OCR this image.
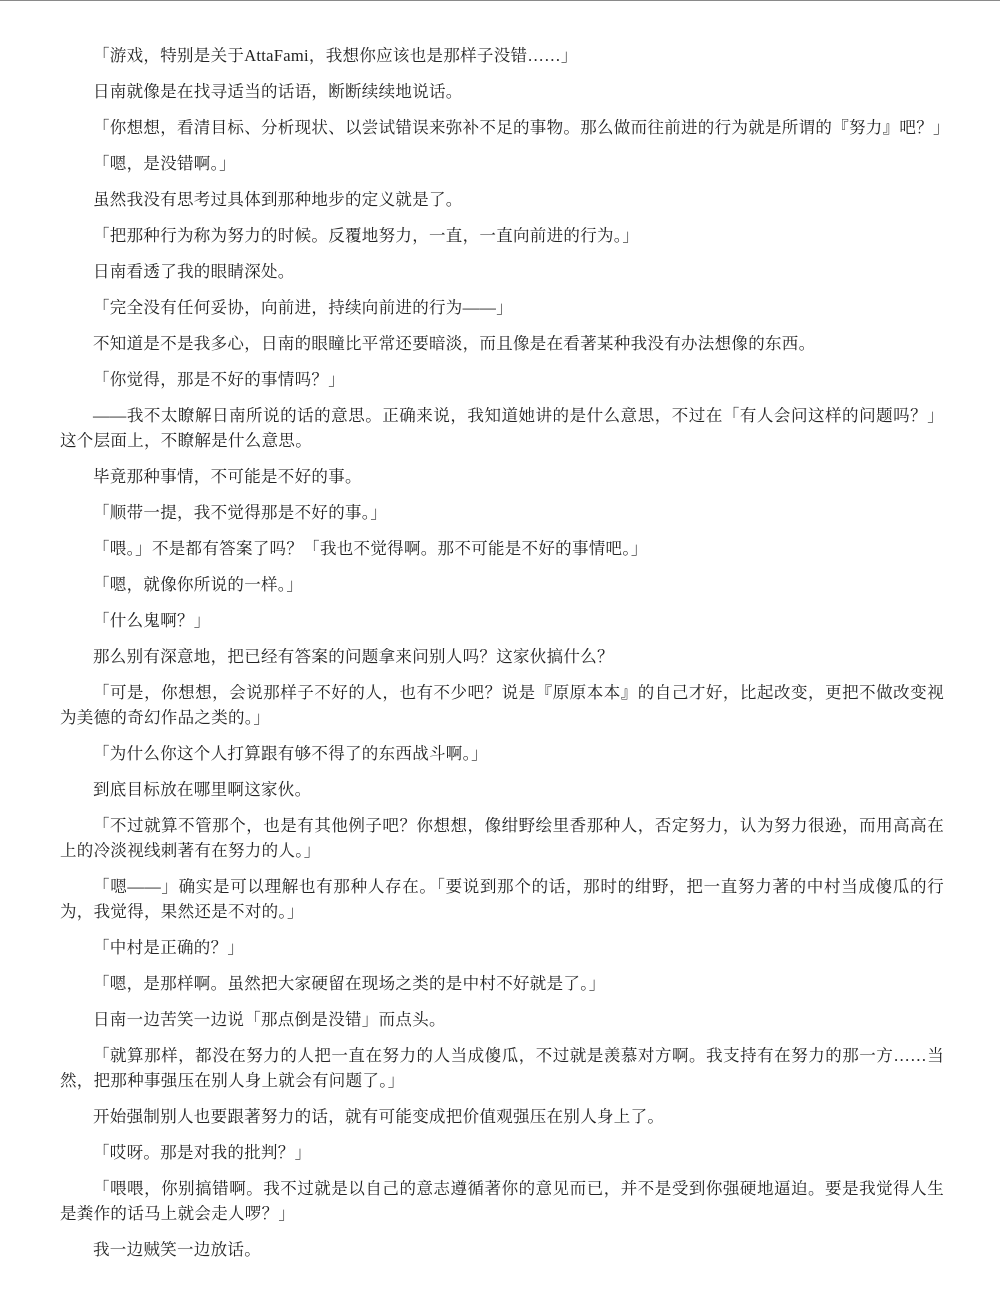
「游戏，特别是关于AttaFami，我想你应该也是那样子没错……」

日南就像是在找寻适当的话语，断断续续地说话。

「你想想，看清目标、分析现状、以尝试错误来弥补不足的事物。那么做而往前进的行为就是所谓的『努力』吧？」

「嗯，是没错啊。」

虽然我没有思考过具体到那种地步的定义就是了。

「把那种行为称为努力的时候。反覆地努力，一直，一直向前进的行为。」

日南看透了我的眼睛深处。

「完全没有任何妥协，向前进，持续向前进的行为——」

不知道是不是我多心，日南的眼瞳比平常还要暗淡，而且像是在看著某种我没有办法想像的东西。

「你觉得，那是不好的事情吗？」

——我不太瞭解日南所说的话的意思。正确来说，我知道她讲的是什么意思，不过在「有人会问这样的问题吗？」这个层面上，不瞭解是什么意思。

毕竟那种事情，不可能是不好的事。

「顺带一提，我不觉得那是不好的事。」

「喂。」不是都有答案了吗？「我也不觉得啊。那不可能是不好的事情吧。」

「嗯，就像你所说的一样。」

「什么鬼啊？」

那么别有深意地，把已经有答案的问题拿来问别人吗？这家伙搞什么？

「可是，你想想，会说那样子不好的人，也有不少吧？说是『原原本本』的自己才好，比起改变，更把不做改变视为美德的奇幻作品之类的。」

「为什么你这个人打算跟有够不得了的东西战斗啊。」

到底目标放在哪里啊这家伙。

「不过就算不管那个，也是有其他例子吧？你想想，像绀野绘里香那种人，否定努力，认为努力很逊，而用高高在上的冷淡视线刺著有在努力的人。」

「嗯——」确实是可以理解也有那种人存在。「要说到那个的话，那时的绀野，把一直努力著的中村当成傻瓜的行为，我觉得，果然还是不对的。」

「中村是正确的？」

「嗯，是那样啊。虽然把大家硬留在现场之类的是中村不好就是了。」

日南一边苦笑一边说「那点倒是没错」而点头。

「就算那样，都没在努力的人把一直在努力的人当成傻瓜，不过就是羡慕对方啊。我支持有在努力的那一方……当然，把那种事强压在别人身上就会有问题了。」

开始强制别人也要跟著努力的话，就有可能变成把价值观强压在别人身上了。

「哎呀。那是对我的批判？」

「喂喂，你别搞错啊。我不过就是以自己的意志遵循著你的意见而已，并不是受到你强硬地逼迫。要是我觉得人生是粪作的话马上就会走人啰？」

我一边贼笑一边放话。
